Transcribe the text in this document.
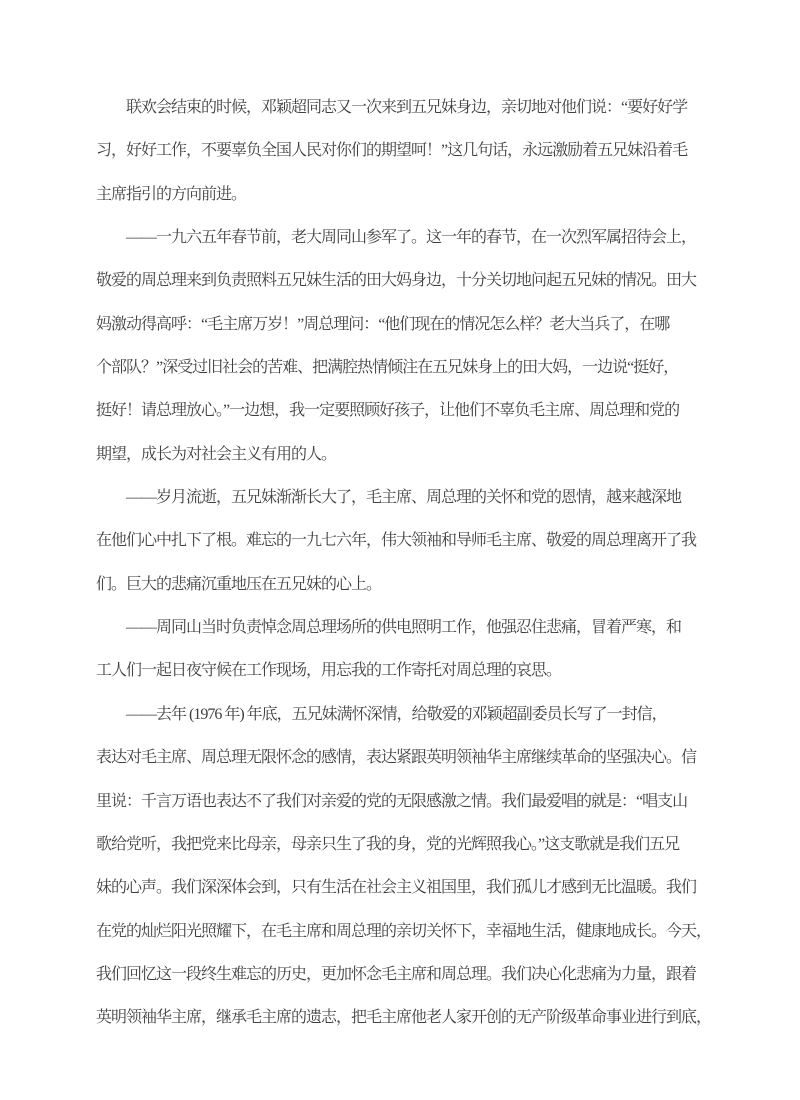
联欢会结束的时候，邓颖超同志又一次来到五兄妹身边，亲切地对他们说：“要好好学
习，好好工作，不要辜负全国人民对你们的期望呵！”这几句话，永远激励着五兄妹沿着毛
主席指引的方向前进。
——一九六五年春节前，老大周同山参军了。这一年的春节，在一次烈军属招待会上，
敬爱的周总理来到负责照料五兄妹生活的田大妈身边，十分关切地问起五兄妹的情况。田大
妈激动得高呼：“毛主席万岁！”周总理问：“他们现在的情况怎么样？老大当兵了，在哪
个部队？”深受过旧社会的苦难、把满腔热情倾注在五兄妹身上的田大妈，一边说“挺好，
挺好！请总理放心。”一边想，我一定要照顾好孩子，让他们不辜负毛主席、周总理和党的
期望，成长为对社会主义有用的人。
——岁月流逝，五兄妹渐渐长大了，毛主席、周总理的关怀和党的恩情，越来越深地
在他们心中扎下了根。难忘的一九七六年，伟大领袖和导师毛主席、敬爱的周总理离开了我
们。巨大的悲痛沉重地压在五兄妹的心上。
——周同山当时负责悼念周总理场所的供电照明工作，他强忍住悲痛，冒着严寒，和
工人们一起日夜守候在工作现场，用忘我的工作寄托对周总理的哀思。
——去年 (1976 年) 年底，五兄妹满怀深情，给敬爱的邓颖超副委员长写了一封信，
表达对毛主席、周总理无限怀念的感情，表达紧跟英明领袖华主席继续革命的坚强决心。信
里说：千言万语也表达不了我们对亲爱的党的无限感激之情。我们最爱唱的就是：“唱支山
歌给党听，我把党来比母亲，母亲只生了我的身，党的光辉照我心。”这支歌就是我们五兄
妹的心声。我们深深体会到，只有生活在社会主义祖国里，我们孤儿才感到无比温暖。我们
在党的灿烂阳光照耀下，在毛主席和周总理的亲切关怀下，幸福地生活，健康地成长。今天，
我们回忆这一段终生难忘的历史，更加怀念毛主席和周总理。我们决心化悲痛为力量，跟着
英明领袖华主席，继承毛主席的遗志，把毛主席他老人家开创的无产阶级革命事业进行到底，
